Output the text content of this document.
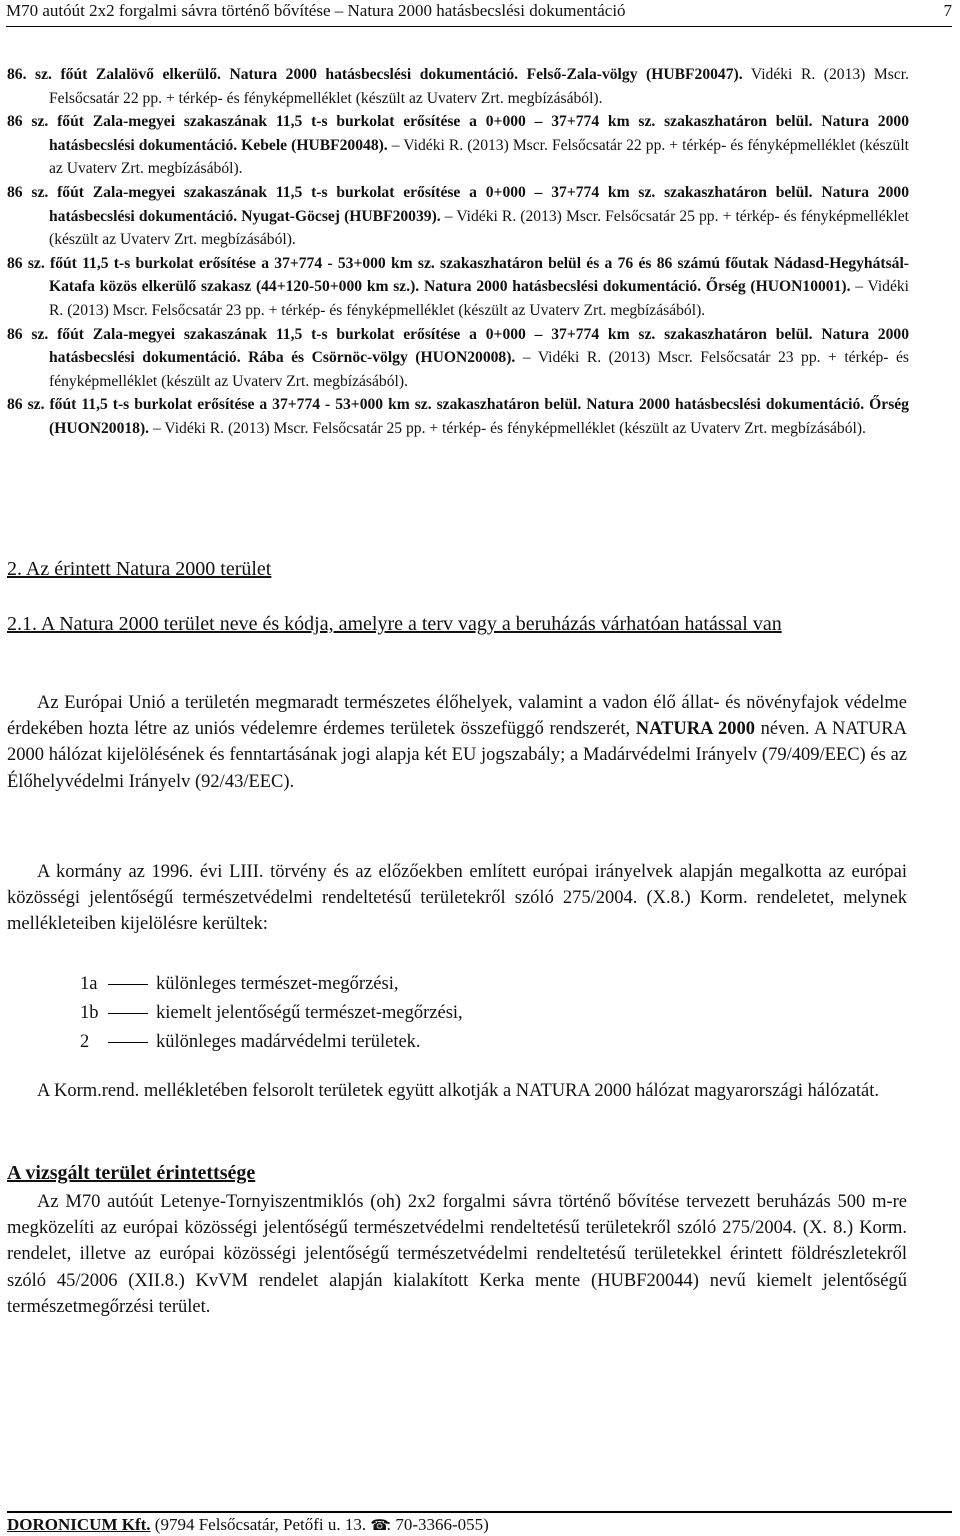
M70 autóút 2x2 forgalmi sávra történő bővítése – Natura 2000 hatásbecslési dokumentáció	7
86. sz. főút Zalalövő elkerülő. Natura 2000 hatásbecslési dokumentáció. Felső-Zala-völgy (HUBF20047). Vidéki R. (2013) Mscr. Felsőcsatár 22 pp. + térkép- és fényképmelléklet (készült az Uvaterv Zrt. megbízásából).
86 sz. főút Zala-megyei szakaszának 11,5 t-s burkolat erősítése a 0+000 – 37+774 km sz. szakaszhatáron belül. Natura 2000 hatásbecslési dokumentáció. Kebele (HUBF20048). – Vidéki R. (2013) Mscr. Felsőcsatár 22 pp. + térkép- és fényképmelléklet (készült az Uvaterv Zrt. megbízásából).
86 sz. főút Zala-megyei szakaszának 11,5 t-s burkolat erősítése a 0+000 – 37+774 km sz. szakaszhatáron belül. Natura 2000 hatásbecslési dokumentáció. Nyugat-Göcsej (HUBF20039). – Vidéki R. (2013) Mscr. Felsőcsatár 25 pp. + térkép- és fényképmelléklet (készült az Uvaterv Zrt. megbízásából).
86 sz. főút 11,5 t-s burkolat erősítése a 37+774 - 53+000 km sz. szakaszhatáron belül és a 76 és 86 számú főutak Nádasd-Hegyhátsál-Katafa közös elkerülő szakasz (44+120-50+000 km sz.). Natura 2000 hatásbecslési dokumentáció. Őrség (HUON10001). – Vidéki R. (2013) Mscr. Felsőcsatár 23 pp. + térkép- és fényképmelléklet (készült az Uvaterv Zrt. megbízásából).
86 sz. főút Zala-megyei szakaszának 11,5 t-s burkolat erősítése a 0+000 – 37+774 km sz. szakaszhatáron belül. Natura 2000 hatásbecslési dokumentáció. Rába és Csörnöc-völgy (HUON20008). – Vidéki R. (2013) Mscr. Felsőcsatár 23 pp. + térkép- és fényképmelléklet (készült az Uvaterv Zrt. megbízásából).
86 sz. főút 11,5 t-s burkolat erősítése a 37+774 - 53+000 km sz. szakaszhatáron belül. Natura 2000 hatásbecslési dokumentáció. Őrség (HUON20018). – Vidéki R. (2013) Mscr. Felsőcsatár 25 pp. + térkép- és fényképmelléklet (készült az Uvaterv Zrt. megbízásából).
2. Az érintett Natura 2000 terület
2.1. A Natura 2000 terület neve és kódja, amelyre a terv vagy a beruházás várhatóan hatással van
Az Európai Unió a területén megmaradt természetes élőhelyek, valamint a vadon élő állat- és növényfajok védelme érdekében hozta létre az uniós védelemre érdemes területek összefüggő rendszerét, NATURA 2000 néven. A NATURA 2000 hálózat kijelölésének és fenntartásának jogi alapja két EU jogszabály; a Madárvédelmi Irányelv (79/409/EEC) és az Élőhelyvédelmi Irányelv (92/43/EEC).
A kormány az 1996. évi LIII. törvény és az előzőekben említett európai irányelvek alapján megalkotta az európai közösségi jelentőségű természetvédelmi rendeltetésű területekről szóló 275/2004. (X.8.) Korm. rendeletet, melynek mellékleteiben kijelölésre kerültek:
1a	különleges természet-megőrzési,
1b	kiemelt jelentőségű természet-megőrzési,
2	különleges madárvédelmi területek.
A Korm.rend. mellékletében felsorolt területek együtt alkotják a NATURA 2000 hálózat magyarországi hálózatát.
A vizsgált terület érintettsége
Az M70 autóút Letenye-Tornyiszentmiklós (oh) 2x2 forgalmi sávra történő bővítése tervezett beruházás 500 m-re megközelíti az európai közösségi jelentőségű természetvédelmi rendeltetésű területekről szóló 275/2004. (X. 8.) Korm. rendelet, illetve az európai közösségi jelentőségű természetvédelmi rendeltetésű területekkel érintett földrészletekről szóló 45/2006 (XII.8.) KvVM rendelet alapján kialakított Kerka mente (HUBF20044) nevű kiemelt jelentőségű természetmegőrzési terület.
DORONICUM Kft. (9794 Felsőcsatár, Petőfi u. 13. ☎: 70-3366-055)
